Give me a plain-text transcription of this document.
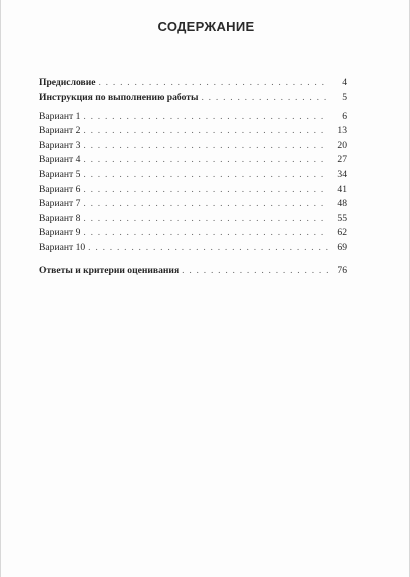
СОДЕРЖАНИЕ
Предисловие . . .	4
Инструкция по выполнению работы . . .	5
Вариант 1 . . .	6
Вариант 2 . . .	13
Вариант 3 . . .	20
Вариант 4 . . .	27
Вариант 5 . . .	34
Вариант 6 . . .	41
Вариант 7 . . .	48
Вариант 8 . . .	55
Вариант 9 . . .	62
Вариант 10 . . .	69
Ответы и критерии оценивания . . .	76
